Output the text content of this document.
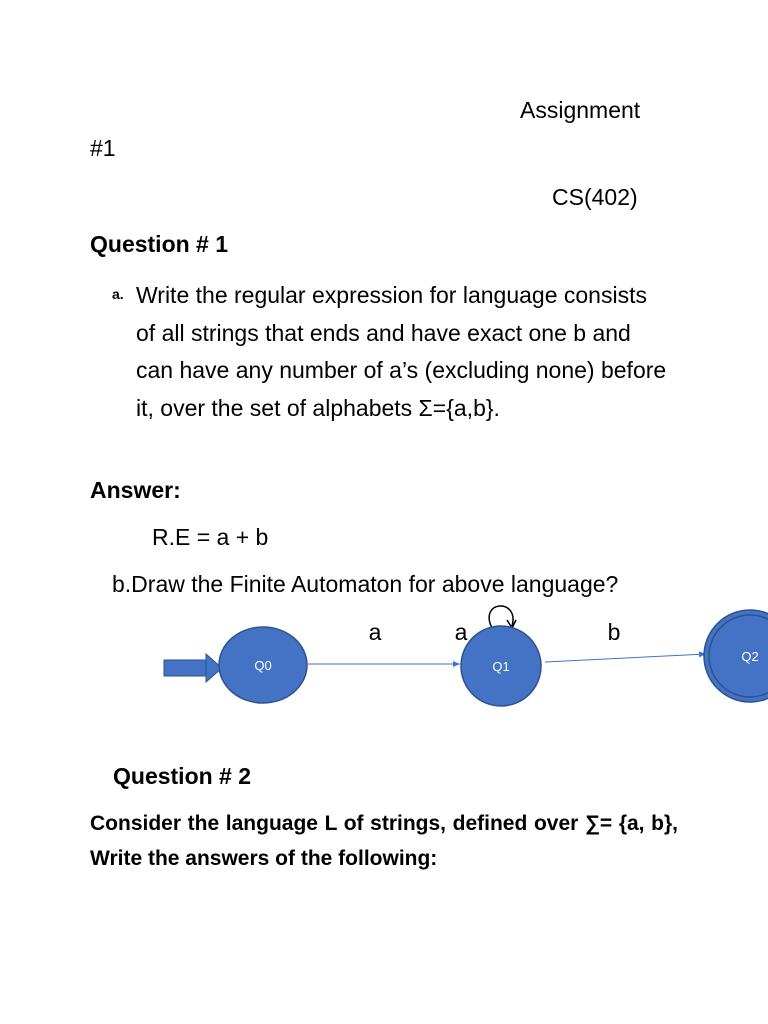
Assignment
#1
CS(402)
Question # 1
a. Write the regular expression for language consists of all strings that ends and have exact one b and can have any number of a’s (excluding none) before it, over the set of alphabets Σ={a,b}.
Answer:
R.E = a + b
b.Draw the Finite Automaton for above language?
Q0	Q1
Q2
a	a	b
Question # 2
Consider the language L of strings, defined over ∑= {a, b}, Write the answers of the following:
